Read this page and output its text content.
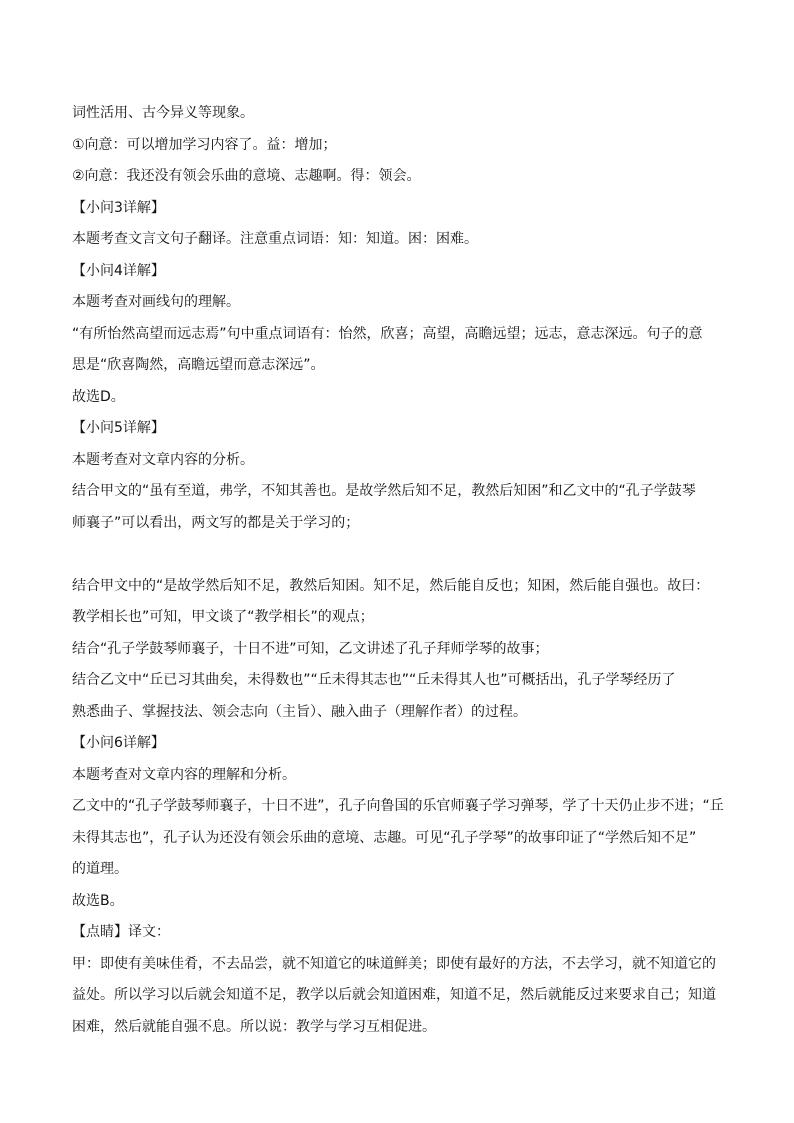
词性活用、古今异义等现象。
①向意：可以增加学习内容了。益：增加；
②向意：我还没有领会乐曲的意境、志趣啊。得：领会。
【小问3详解】
本题考查文言文句子翻译。注意重点词语：知：知道。困：困难。
【小问4详解】
本题考查对画线句的理解。
“有所怡然高望而远志焉”句中重点词语有：怡然，欣喜；高望，高瞻远望；远志，意志深远。句子的意
思是“欣喜陶然，高瞻远望而意志深远”。
故选D。
【小问5详解】
本题考查对文章内容的分析。
结合甲文的“虽有至道，弗学，不知其善也。是故学然后知不足，教然后知困”和乙文中的“孔子学鼓琴
师襄子”可以看出，两文写的都是关于学习的；
结合甲文中的“是故学然后知不足，教然后知困。知不足，然后能自反也；知困，然后能自强也。故曰：
教学相长也”可知，甲文谈了“教学相长”的观点；
结合“孔子学鼓琴师襄子，十日不进”可知，乙文讲述了孔子拜师学琴的故事；
结合乙文中“丘已习其曲矣，未得数也”“丘未得其志也”“丘未得其人也”可概括出，孔子学琴经历了
熟悉曲子、掌握技法、领会志向（主旨）、融入曲子（理解作者）的过程。
【小问6详解】
本题考查对文章内容的理解和分析。
乙文中的“孔子学鼓琴师襄子，十日不进”，孔子向鲁国的乐官师襄子学习弹琴，学了十天仍止步不进；“丘
未得其志也”，孔子认为还没有领会乐曲的意境、志趣。可见“孔子学琴”的故事印证了“学然后知不足”
的道理。
故选B。
【点睛】译文：
甲：即使有美味佳肴，不去品尝，就不知道它的味道鲜美；即使有最好的方法，不去学习，就不知道它的
益处。所以学习以后就会知道不足，教学以后就会知道困难，知道不足，然后就能反过来要求自己；知道
困难，然后就能自强不息。所以说：教学与学习互相促进。
